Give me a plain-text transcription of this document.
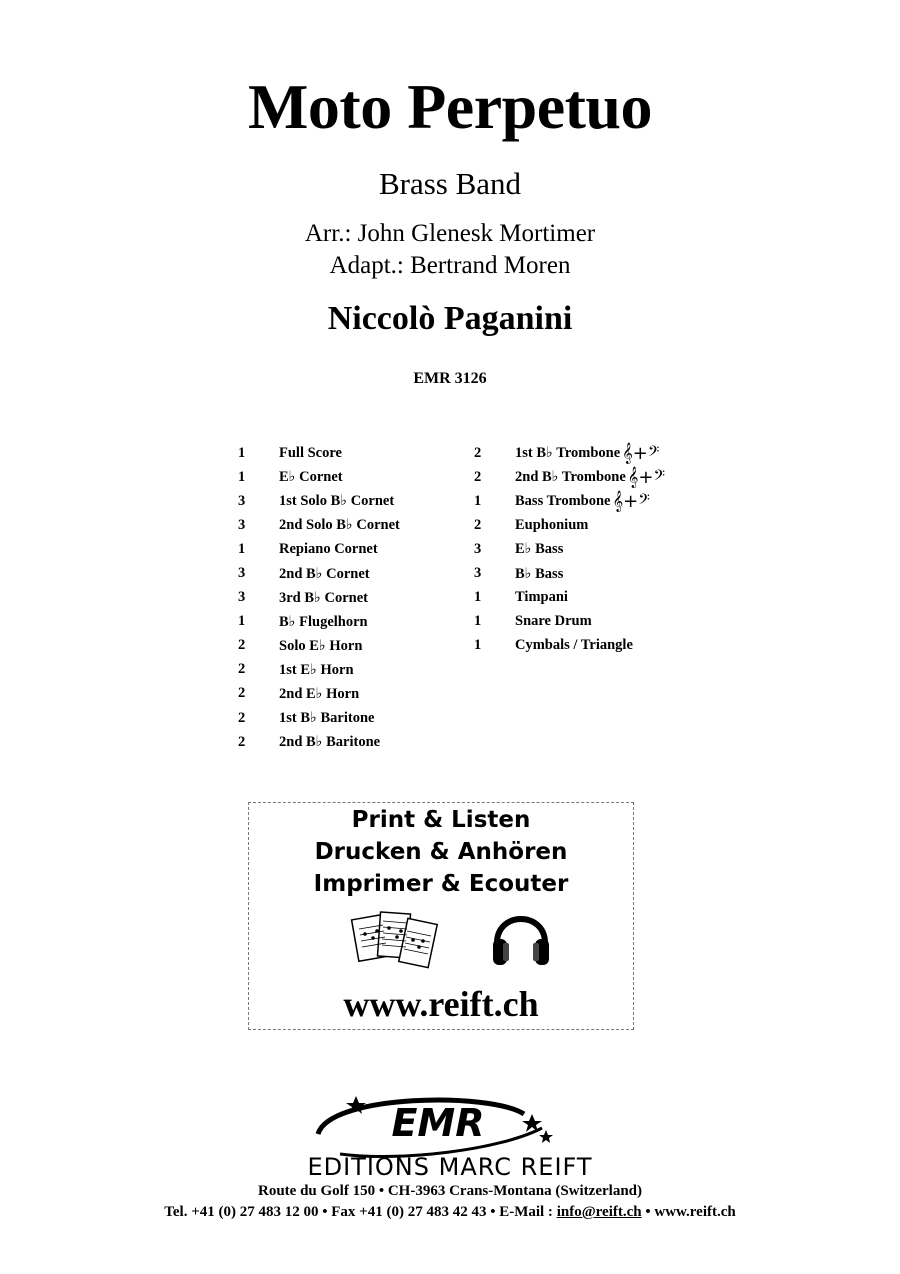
Moto Perpetuo
Brass Band
Arr.: John Glenesk Mortimer
Adapt.: Bertrand Moren
Niccolò Paganini
EMR 3126
1	Full Score
1	E♭ Cornet
3	1st Solo B♭ Cornet
3	2nd Solo B♭ Cornet
1	Repiano Cornet
3	2nd B♭ Cornet
3	3rd B♭ Cornet
1	B♭ Flugelhorn
2	Solo E♭ Horn
2	1st E♭ Horn
2	2nd E♭ Horn
2	1st B♭ Baritone
2	2nd B♭ Baritone
2	1st B♭ Trombone 𝄞+𝄢
2	2nd B♭ Trombone 𝄞+𝄢
1	Bass Trombone 𝄞+𝄢
2	Euphonium
3	E♭ Bass
3	B♭ Bass
1	Timpani
1	Snare Drum
1	Cymbals / Triangle
Print & Listen
Drucken & Anhören
Imprimer & Ecouter
www.reift.ch
EMR
EDITIONS MARC REIFT
Route du Golf 150 • CH-3963 Crans-Montana (Switzerland)
Tel. +41 (0) 27 483 12 00 • Fax +41 (0) 27 483 42 43 • E-Mail : info@reift.ch • www.reift.ch
